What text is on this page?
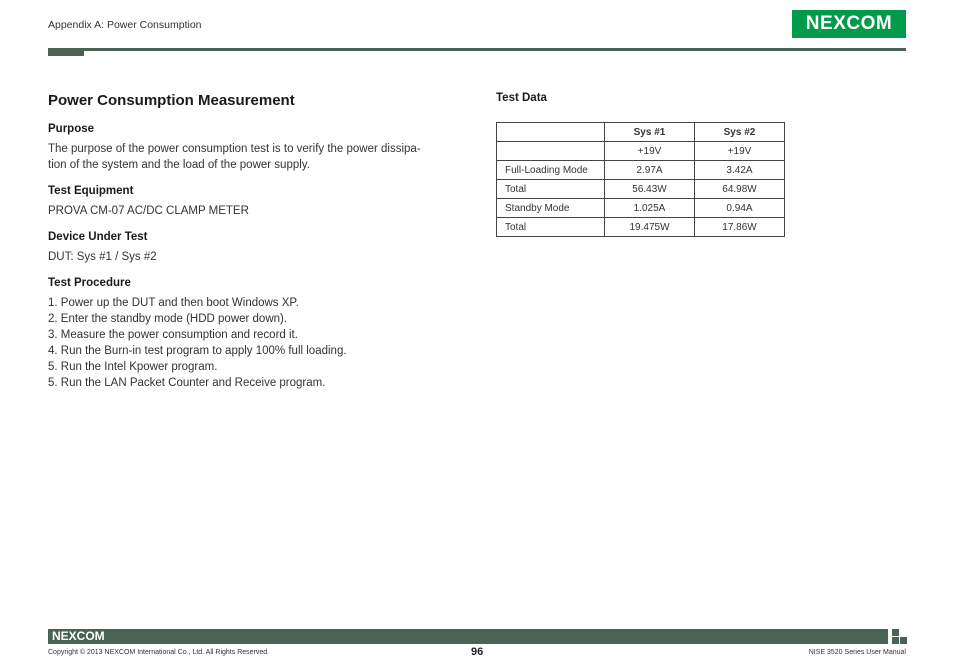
Appendix A: Power Consumption	NEXCOM
Power Consumption Measurement
Purpose

The purpose of the power consumption test is to verify the power dissipa-
tion of the system and the load of the power supply.

Test Equipment

PROVA CM-07 AC/DC CLAMP METER

Device Under Test

DUT: Sys #1 / Sys #2

Test Procedure
1. Power up the DUT and then boot Windows XP.
2. Enter the standby mode (HDD power down).
3. Measure the power consumption and record it.
4. Run the Burn-in test program to apply 100% full loading.
5. Run the Intel Kpower program.
5. Run the LAN Packet Counter and Receive program.
Test Data
	Sys #1	Sys #2
	+19V	+19V
Full-Loading Mode	2.97A	3.42A
Total	56.43W	64.98W
Standby Mode	1.025A	0.94A
Total	19.475W	17.86W
NEXCOM
Copyright © 2013 NEXCOM International Co., Ltd. All Rights Reserved.	96	NISE 3520 Series User Manual
